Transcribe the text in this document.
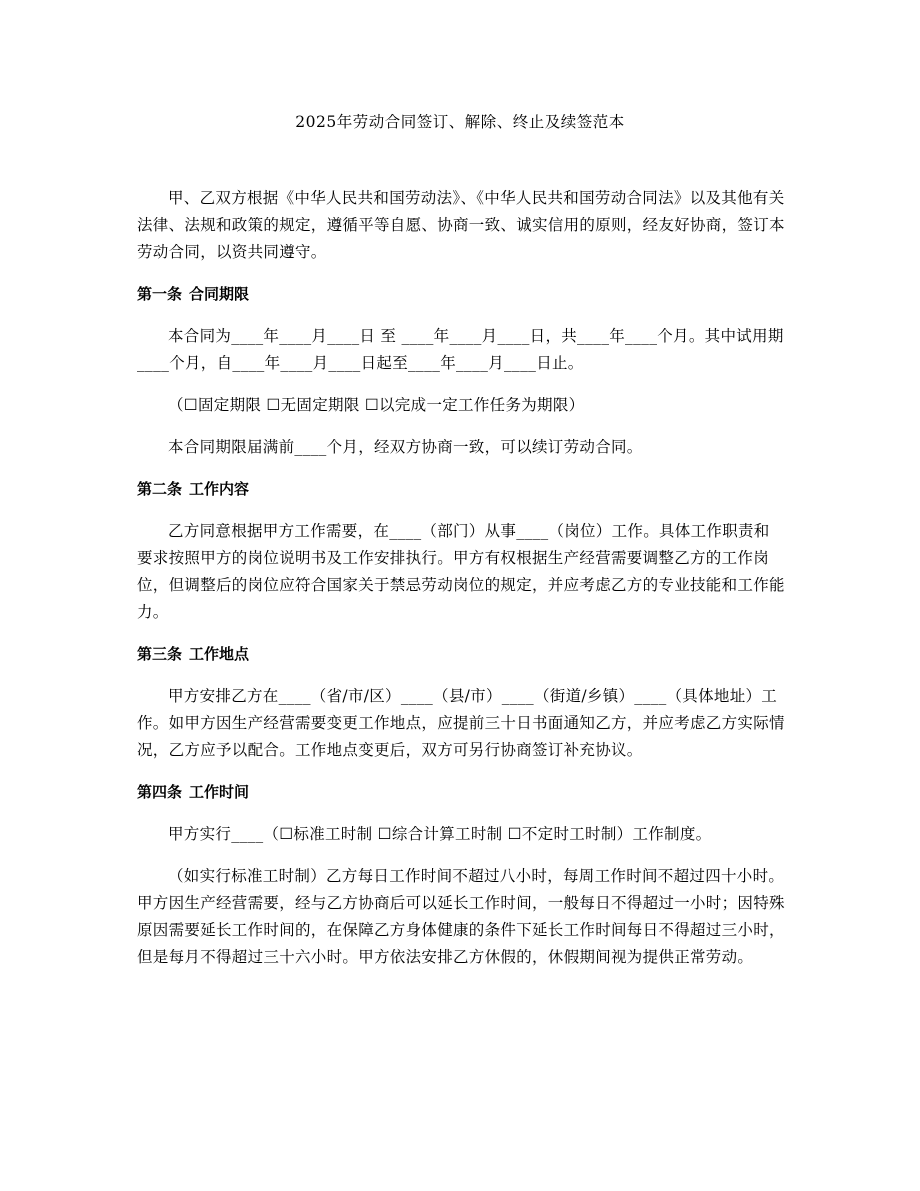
2025年劳动合同签订、解除、终止及续签范本

甲、乙双方根据《中华人民共和国劳动法》、《中华人民共和国劳动合同法》以及其他有关法律、法规和政策的规定，遵循平等自愿、协商一致、诚实信用的原则，经友好协商，签订本劳动合同，以资共同遵守。

第一条 合同期限

本合同为____年____月____日 至 ____年____月____日，共____年____个月。其中试用期____个月，自____年____月____日起至____年____月____日止。

（☐固定期限 ☐无固定期限 ☐以完成一定工作任务为期限）

本合同期限届满前____个月，经双方协商一致，可以续订劳动合同。

第二条 工作内容

乙方同意根据甲方工作需要，在____（部门）从事____（岗位）工作。具体工作职责和要求按照甲方的岗位说明书及工作安排执行。甲方有权根据生产经营需要调整乙方的工作岗位，但调整后的岗位应符合国家关于禁忌劳动岗位的规定，并应考虑乙方的专业技能和工作能力。

第三条 工作地点

甲方安排乙方在____（省/市/区）____（县/市）____（街道/乡镇）____（具体地址）工作。如甲方因生产经营需要变更工作地点，应提前三十日书面通知乙方，并应考虑乙方实际情况，乙方应予以配合。工作地点变更后，双方可另行协商签订补充协议。

第四条 工作时间

甲方实行____（☐标准工时制 ☐综合计算工时制 ☐不定时工时制）工作制度。

（如实行标准工时制）乙方每日工作时间不超过八小时，每周工作时间不超过四十小时。甲方因生产经营需要，经与乙方协商后可以延长工作时间，一般每日不得超过一小时；因特殊原因需要延长工作时间的，在保障乙方身体健康的条件下延长工作时间每日不得超过三小时，但是每月不得超过三十六小时。甲方依法安排乙方休假的，休假期间视为提供正常劳动。
